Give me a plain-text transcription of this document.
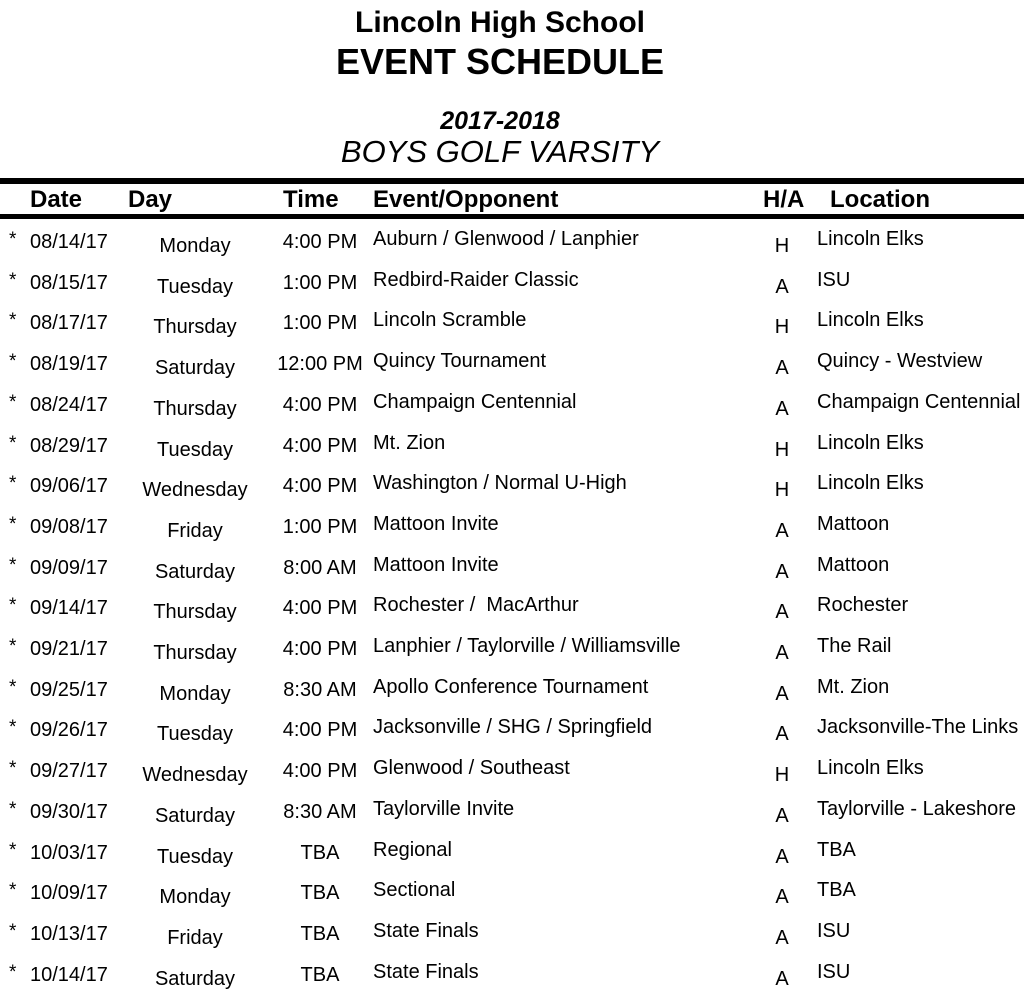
Lincoln High School
EVENT SCHEDULE
2017-2018
BOYS GOLF VARSITY
Date Day	Time Event/Opponent	H/A Location
* 08/14/17	Monday	4:00 PM Auburn / Glenwood / Lanphier	H	Lincoln Elks
* 08/15/17	Tuesday	1:00 PM Redbird-Raider Classic	A	ISU
* 08/17/17	Thursday	1:00 PM Lincoln Scramble	H	Lincoln Elks
* 08/19/17	Saturday	12:00 PM Quincy Tournament	A	Quincy - Westview
* 08/24/17	Thursday	4:00 PM Champaign Centennial	A	Champaign Centennial
* 08/29/17	Tuesday	4:00 PM Mt. Zion	H	Lincoln Elks
* 09/06/17	Wednesday	4:00 PM Washington / Normal U-High	H	Lincoln Elks
* 09/08/17	Friday	1:00 PM Mattoon Invite	A	Mattoon
* 09/09/17	Saturday	8:00 AM Mattoon Invite	A	Mattoon
* 09/14/17	Thursday	4:00 PM Rochester /  MacArthur	A	Rochester
* 09/21/17	Thursday	4:00 PM Lanphier / Taylorville / Williamsville	A	The Rail
* 09/25/17	Monday	8:30 AM Apollo Conference Tournament	A	Mt. Zion
* 09/26/17	Tuesday	4:00 PM Jacksonville / SHG / Springfield	A	Jacksonville-The Links
* 09/27/17	Wednesday	4:00 PM Glenwood / Southeast	H	Lincoln Elks
* 09/30/17	Saturday	8:30 AM Taylorville Invite	A	Taylorville - Lakeshore
* 10/03/17	Tuesday	TBA	Regional	A	TBA
* 10/09/17	Monday	TBA	Sectional	A	TBA
* 10/13/17	Friday	TBA	State Finals	A	ISU
* 10/14/17	Saturday	TBA	State Finals	A	ISU
